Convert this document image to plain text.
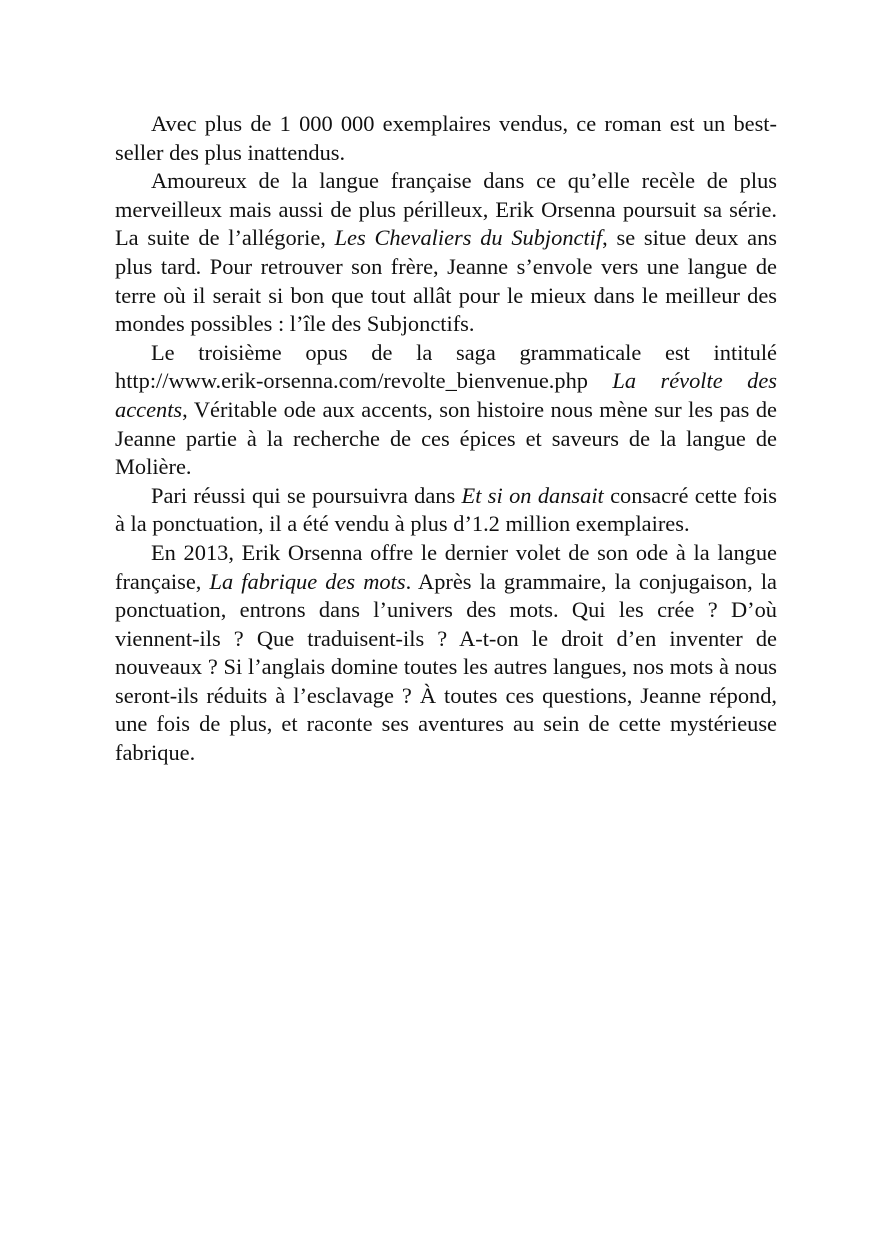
Avec plus de 1 000 000 exemplaires vendus, ce roman est un best-seller des plus inattendus.

Amoureux de la langue française dans ce qu’elle recèle de plus merveilleux mais aussi de plus périlleux, Erik Orsenna poursuit sa série. La suite de l’allégorie, Les Chevaliers du Subjonctif, se situe deux ans plus tard. Pour retrouver son frère, Jeanne s’envole vers une langue de terre où il serait si bon que tout allât pour le mieux dans le meilleur des mondes possibles : l’île des Subjonctifs.

Le troisième opus de la saga grammaticale est intitulé http://www.erik-orsenna.com/revolte_bienvenue.php La révolte des accents, Véritable ode aux accents, son histoire nous mène sur les pas de Jeanne partie à la recherche de ces épices et saveurs de la langue de Molière.

Pari réussi qui se poursuivra dans Et si on dansait consacré cette fois à la ponctuation, il a été vendu à plus d’1.2 million exemplaires.

En 2013, Erik Orsenna offre le dernier volet de son ode à la langue française, La fabrique des mots. Après la grammaire, la conjugaison, la ponctuation, entrons dans l’univers des mots. Qui les crée ? D’où viennent-ils ? Que traduisent-ils ? A-t-on le droit d’en inventer de nouveaux ? Si l’anglais domine toutes les autres langues, nos mots à nous seront-ils réduits à l’esclavage ? À toutes ces questions, Jeanne répond, une fois de plus, et raconte ses aventures au sein de cette mystérieuse fabrique.
